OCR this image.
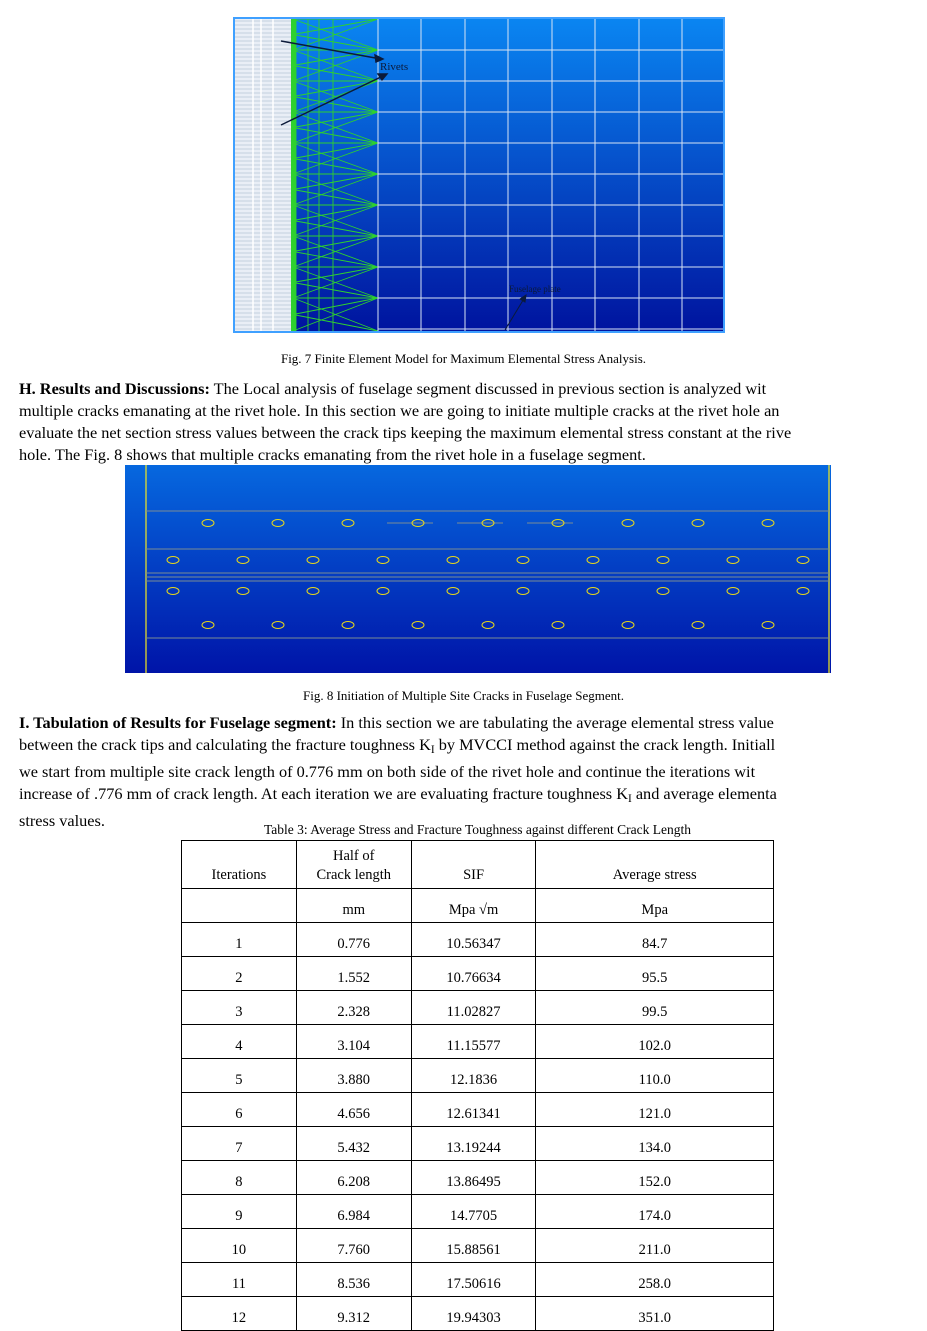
Rivets
Fuselage plate
Fig. 7 Finite Element Model for Maximum Elemental Stress Analysis.
H. Results and Discussions: The Local analysis of fuselage segment discussed in previous section is analyzed wit
multiple cracks emanating at the rivet hole. In this section we are going to initiate multiple cracks at the rivet hole an
evaluate the net section stress values between the crack tips keeping the maximum elemental stress constant at the rive
hole. The Fig. 8 shows that multiple cracks emanating from the rivet hole in a fuselage segment.
Fig. 8 Initiation of Multiple Site Cracks in Fuselage Segment.
I. Tabulation of Results for Fuselage segment: In this section we are tabulating the average elemental stress value
between the crack tips and calculating the fracture toughness $K_I$ by MVCCI method against the crack length. Initiall
we start from multiple site crack length of 0.776 mm on both side of the rivet hole and continue the iterations wit
increase of .776 mm of crack length. At each iteration we are evaluating fracture toughness $K_I$ and average elementa
stress values.	Table 3: Average Stress and Fracture Toughness against different Crack Length
Iterations	Half of
Crack length	SIF	Average stress
	mm	Mpa √m	Mpa
1	0.776	10.56347	84.7
2	1.552	10.76634	95.5
3	2.328	11.02827	99.5
4	3.104	11.15577	102.0
5	3.880	12.1836	110.0
6	4.656	12.61341	121.0
7	5.432	13.19244	134.0
8	6.208	13.86495	152.0
9	6.984	14.7705	174.0
10	7.760	15.88561	211.0
11	8.536	17.50616	258.0
12	9.312	19.94303	351.0
